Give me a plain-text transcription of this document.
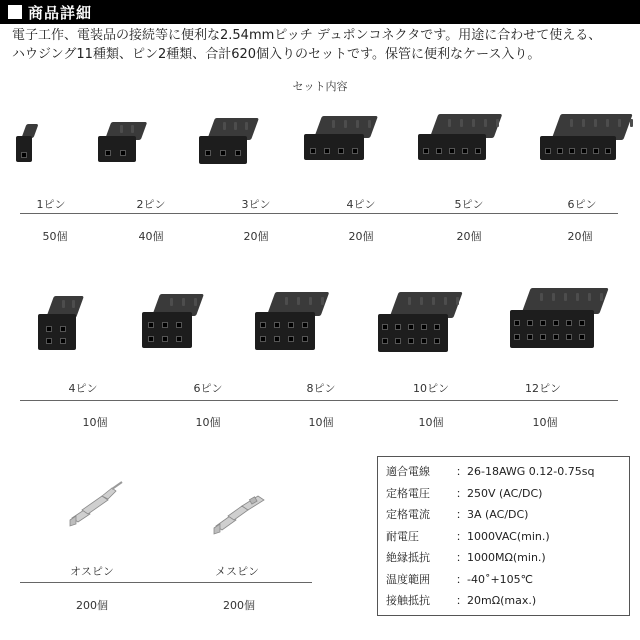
商品詳細
電子工作、電装品の接続等に便利な2.54mmピッチ デュポンコネクタです。用途に合わせて使える、
ハウジング11種類、ピン2種類、合計620個入りのセットです。保管に便利なケース入り。
セット内容
1ピン	2ピン	3ピン	4ピン	5ピン	6ピン
50個	40個	20個	20個	20個	20個
4ピン	6ピン	8ピン	10ピン	12ピン
10個	10個	10個	10個	10個
オスピン	メスピン
200個	200個
適合電線	：26-18AWG 0.12-0.75sq
定格電圧	：250V (AC/DC)
定格電流	：3A (AC/DC)
耐電圧	：1000VAC(min.)
絶縁抵抗	：1000MΩ(min.)
温度範囲	：-40˚+105℃
接触抵抗	：20mΩ(max.)
